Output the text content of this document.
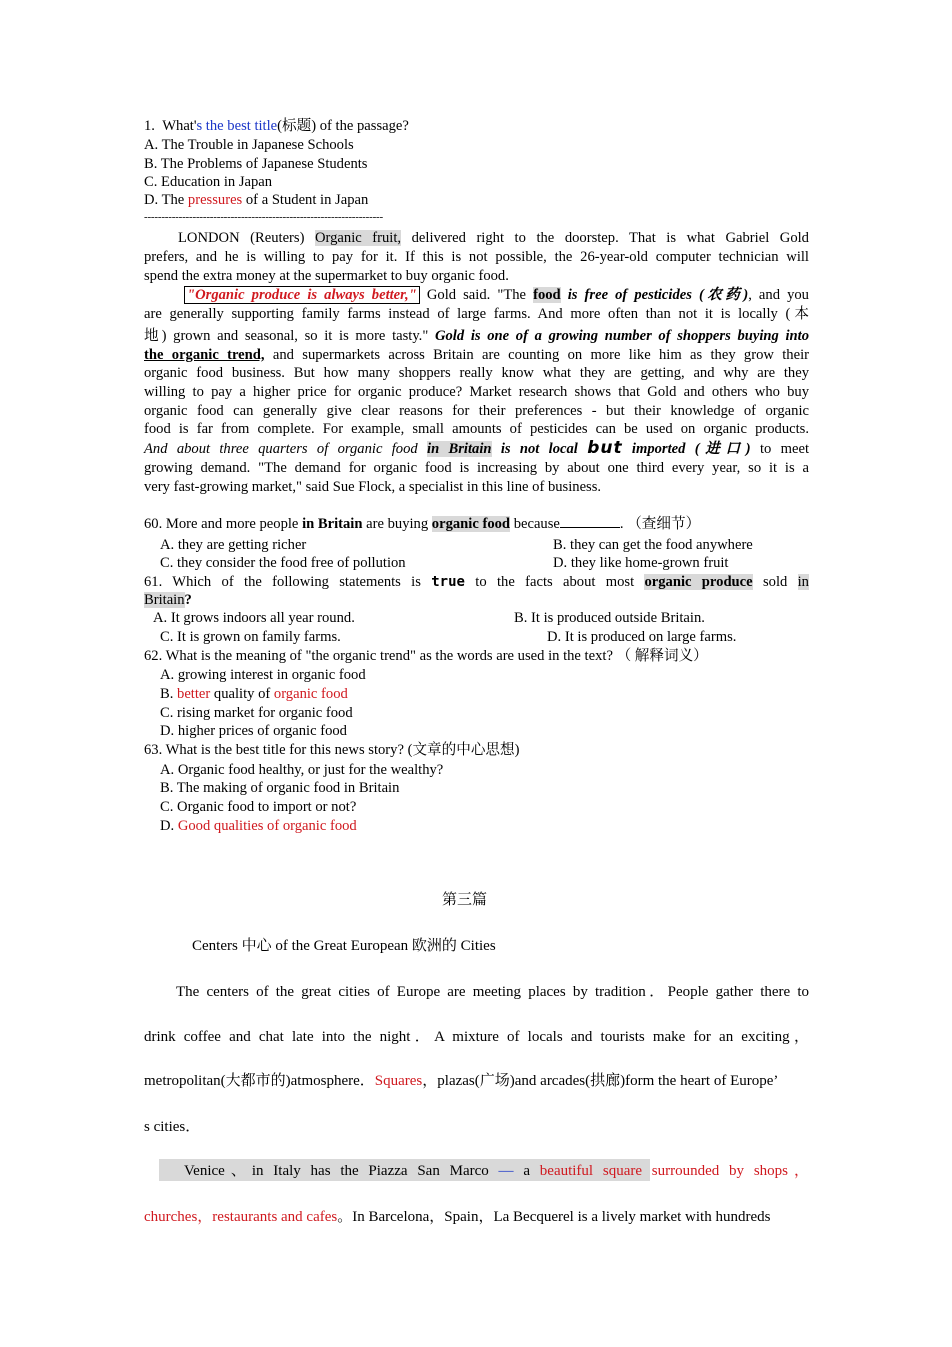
1. What's the best title(标题) of the passage?
A. The Trouble in Japanese Schools
B. The Problems of Japanese Students
C. Education in Japan
D. The pressures of a Student in Japan
---------------------------------------------------------------------
LONDON (Reuters) Organic fruit, delivered right to the doorstep. That is what Gabriel Gold
prefers, and he is willing to pay for it. If this is not possible, the 26-year-old computer technician will
spend the extra money at the supermarket to buy organic food.
"Organic produce is always better," Gold said. "The food is free of pesticides (农药), and you
are generally supporting family farms instead of large farms. And more often than not it is locally (本
地) grown and seasonal, so it is more tasty." Gold is one of a growing number of shoppers buying into
the organic trend, and supermarkets across Britain are counting on more like him as they grow their
organic food business. But how many shoppers really know what they are getting, and why are they
willing to pay a higher price for organic produce? Market research shows that Gold and others who buy
organic food can generally give clear reasons for their preferences - but their knowledge of organic
food is far from complete. For example, small amounts of pesticides can be used on organic products.
And about three quarters of organic food in Britain is not local but imported (进口) to meet
growing demand. "The demand for organic food is increasing by about one third every year, so it is a
very fast-growing market," said Sue Flock, a specialist in this line of business.
60. More and more people in Britain are buying organic food because	. （查细节）
A. they are getting richer	B. they can get the food anywhere
C. they consider the food free of pollution	D. they like home-grown fruit
61. Which of the following statements is true to the facts about most organic produce sold in
Britain?
A. It grows indoors all year round.	B. It is produced outside Britain.
C. It is grown on family farms.	D. It is produced on large farms.
62. What is the meaning of "the organic trend" as the words are used in the text? （ 解释词义）
A. growing interest in organic food
B. better quality of organic food
C. rising market for organic food
D. higher prices of organic food
63. What is the best title for this news story? (文章的中心思想)
A. Organic food healthy, or just for the wealthy?
B. The making of organic food in Britain
C. Organic food to import or not?
D. Good qualities of organic food
第三篇
Centers 中心 of the Great European 欧洲的 Cities
The centers of the great cities of Europe are meeting places by tradition．People gather there to
drink coffee and chat late into the night．A mixture of locals and tourists make for an exciting，
metropolitan(大都市的)atmosphere．Squares，plazas(广场)and arcades(拱廊)form the heart of Europe’
s cities．
Venice、in Italy has the Piazza San Marco — a beautiful square surrounded by shops，
churches，restaurants and cafes。In Barcelona，Spain，La Becquerel is a lively market with hundreds
